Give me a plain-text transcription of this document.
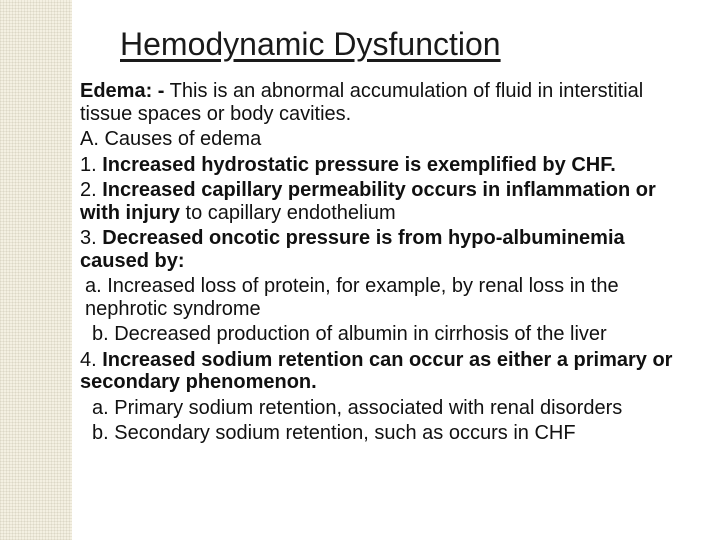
Hemodynamic Dysfunction

Edema: - This is an abnormal accumulation of fluid in interstitial tissue spaces or body cavities.

A. Causes of edema

1. Increased hydrostatic pressure is exemplified by CHF.

2. Increased capillary permeability occurs in inflammation or with injury to capillary endothelium

3. Decreased oncotic pressure is from hypo-albuminemia caused by:

a. Increased loss of protein, for example, by renal loss in the nephrotic syndrome

b. Decreased production of albumin in cirrhosis of the liver

4. Increased sodium retention can occur as either a primary or secondary phenomenon.

a. Primary sodium retention, associated with renal disorders

b. Secondary sodium retention, such as occurs in CHF
